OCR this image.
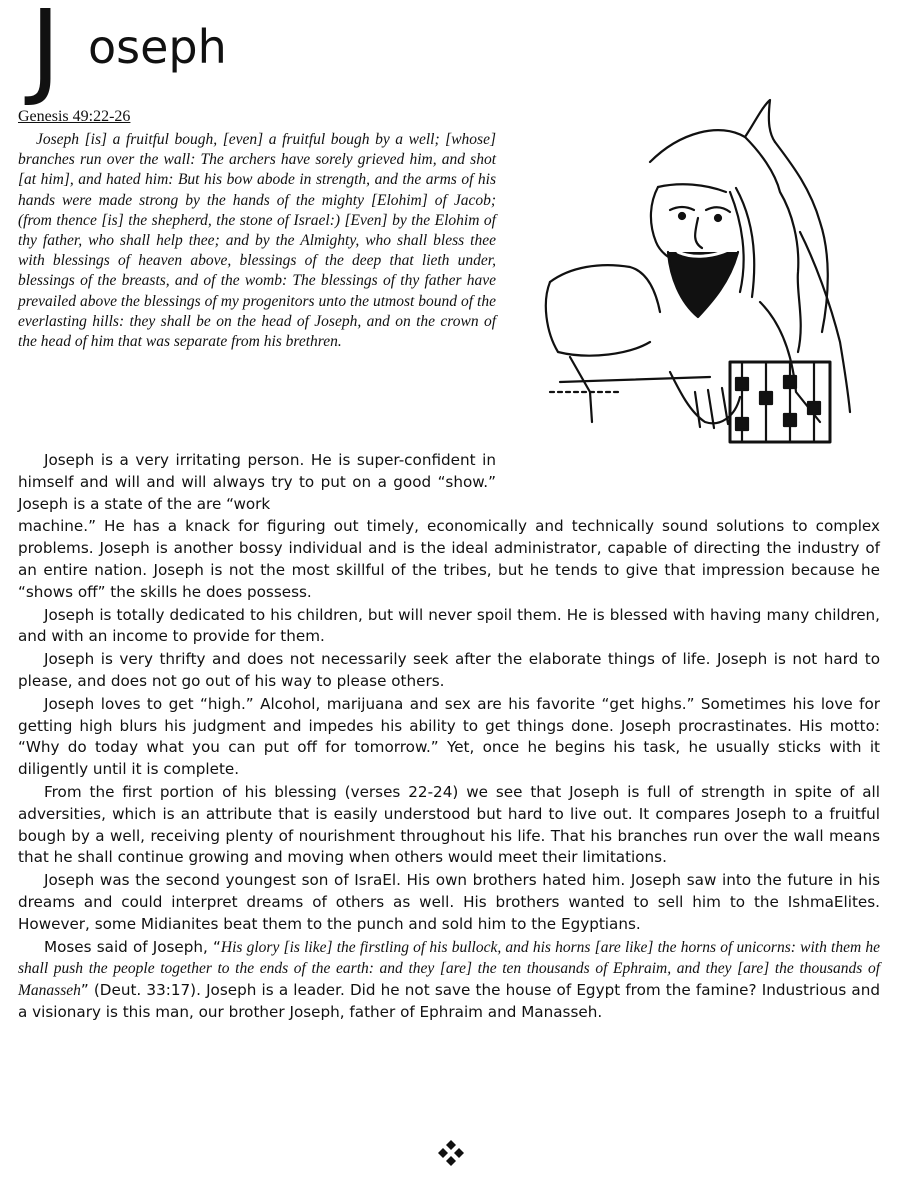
J oseph
Genesis 49:22-26

Joseph [is] a fruitful bough, [even] a fruitful bough by a well; [whose] branches run over the wall: The archers have sorely grieved him, and shot [at him], and hated him: But his bow abode in strength, and the arms of his hands were made strong by the hands of the mighty [Elohim] of Jacob; (from thence [is] the shepherd, the stone of Israel:) [Even] by the Elohim of thy father, who shall help thee; and by the Almighty, who shall bless thee with blessings of heaven above, blessings of the deep that lieth under, blessings of the breasts, and of the womb: The blessings of thy father have prevailed above the blessings of my progenitors unto the utmost bound of the everlasting hills: they shall be on the head of Joseph, and on the crown of the head of him that was separate from his brethren.

Joseph is a very irritating person. He is super-confident in himself and will and will always try to put on a good “show.” Joseph is a state of the are “work

machine.” He has a knack for figuring out timely, economically and technically sound solutions to complex problems. Joseph is another bossy individual and is the ideal administrator, capable of directing the industry of an entire nation. Joseph is not the most skillful of the tribes, but he tends to give that impression because he “shows off” the skills he does possess.

Joseph is totally dedicated to his children, but will never spoil them. He is blessed with having many children, and with an income to provide for them.

Joseph is very thrifty and does not necessarily seek after the elaborate things of life. Joseph is not hard to please, and does not go out of his way to please others.

Joseph loves to get “high.” Alcohol, marijuana and sex are his favorite “get highs.” Sometimes his love for getting high blurs his judgment and impedes his ability to get things done. Joseph procrastinates. His motto: “Why do today what you can put off for tomorrow.” Yet, once he begins his task, he usually sticks with it diligently until it is complete.

From the first portion of his blessing (verses 22-24) we see that Joseph is full of strength in spite of all adversities, which is an attribute that is easily understood but hard to live out. It compares Joseph to a fruitful bough by a well, receiving plenty of nourishment throughout his life. That his branches run over the wall means that he shall continue growing and moving when others would meet their limitations.

Joseph was the second youngest son of IsraEl. His own brothers hated him. Joseph saw into the future in his dreams and could interpret dreams of others as well. His brothers wanted to sell him to the IshmaElites. However, some Midianites beat them to the punch and sold him to the Egyptians.

Moses said of Joseph, “His glory [is like] the firstling of his bullock, and his horns [are like] the horns of unicorns: with them he shall push the people together to the ends of the earth: and they [are] the ten thousands of Ephraim, and they [are] the thousands of Manasseh” (Deut. 33:17). Joseph is a leader. Did he not save the house of Egypt from the famine? Industrious and a visionary is this man, our brother Joseph, father of Ephraim and Manasseh.
